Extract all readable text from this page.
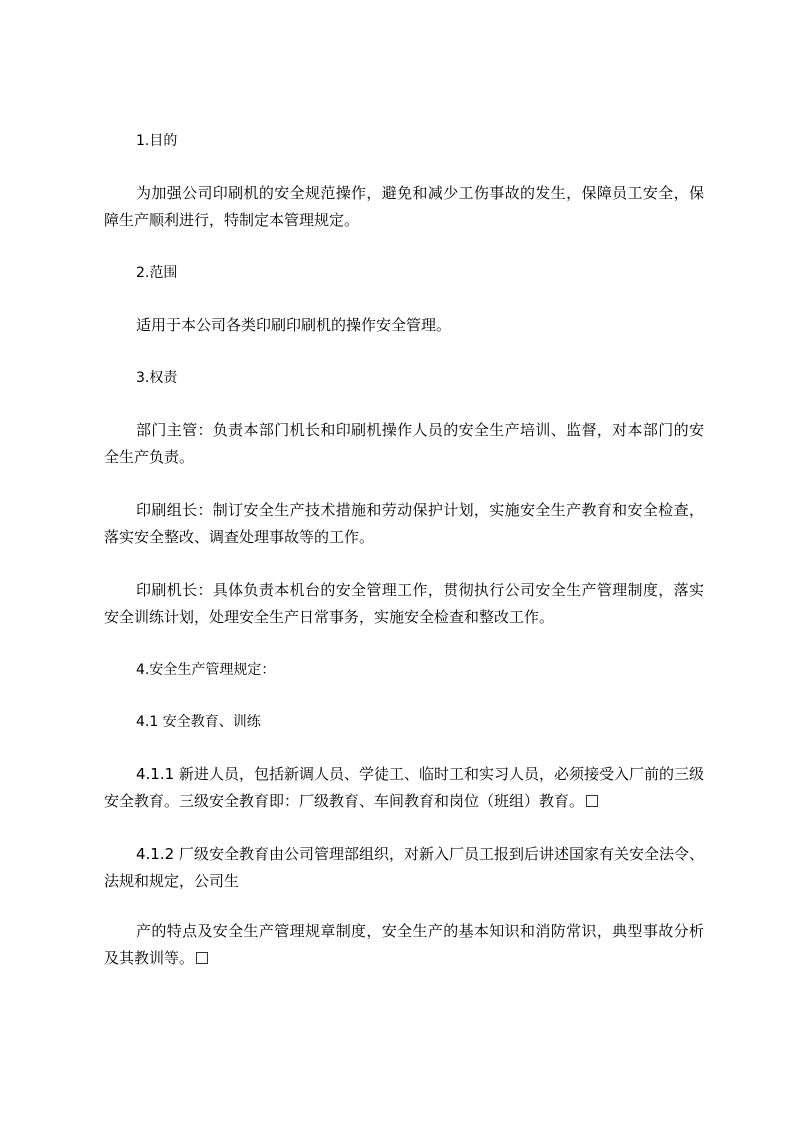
1.目的

为加强公司印刷机的安全规范操作，避免和减少工伤事故的发生，保障员工安全，保障生产顺利进行，特制定本管理规定。

2.范围

适用于本公司各类印刷印刷机的操作安全管理。

3.权责

部门主管：负责本部门机长和印刷机操作人员的安全生产培训、监督，对本部门的安全生产负责。

印刷组长：制订安全生产技术措施和劳动保护计划，实施安全生产教育和安全检查，落实安全整改、调查处理事故等的工作。

印刷机长：具体负责本机台的安全管理工作，贯彻执行公司安全生产管理制度，落实安全训练计划，处理安全生产日常事务，实施安全检查和整改工作。

4.安全生产管理规定：
4.1 安全教育、训练

4.1.1 新进人员，包括新调人员、学徒工、临时工和实习人员，必须接受入厂前的三级安全教育。三级安全教育即：厂级教育、车间教育和岗位（班组）教育。

4.1.2 厂级安全教育由公司管理部组织，对新入厂员工报到后讲述国家有关安全法令、法规和规定，公司生

产的特点及安全生产管理规章制度，安全生产的基本知识和消防常识，典型事故分析及其教训等。
